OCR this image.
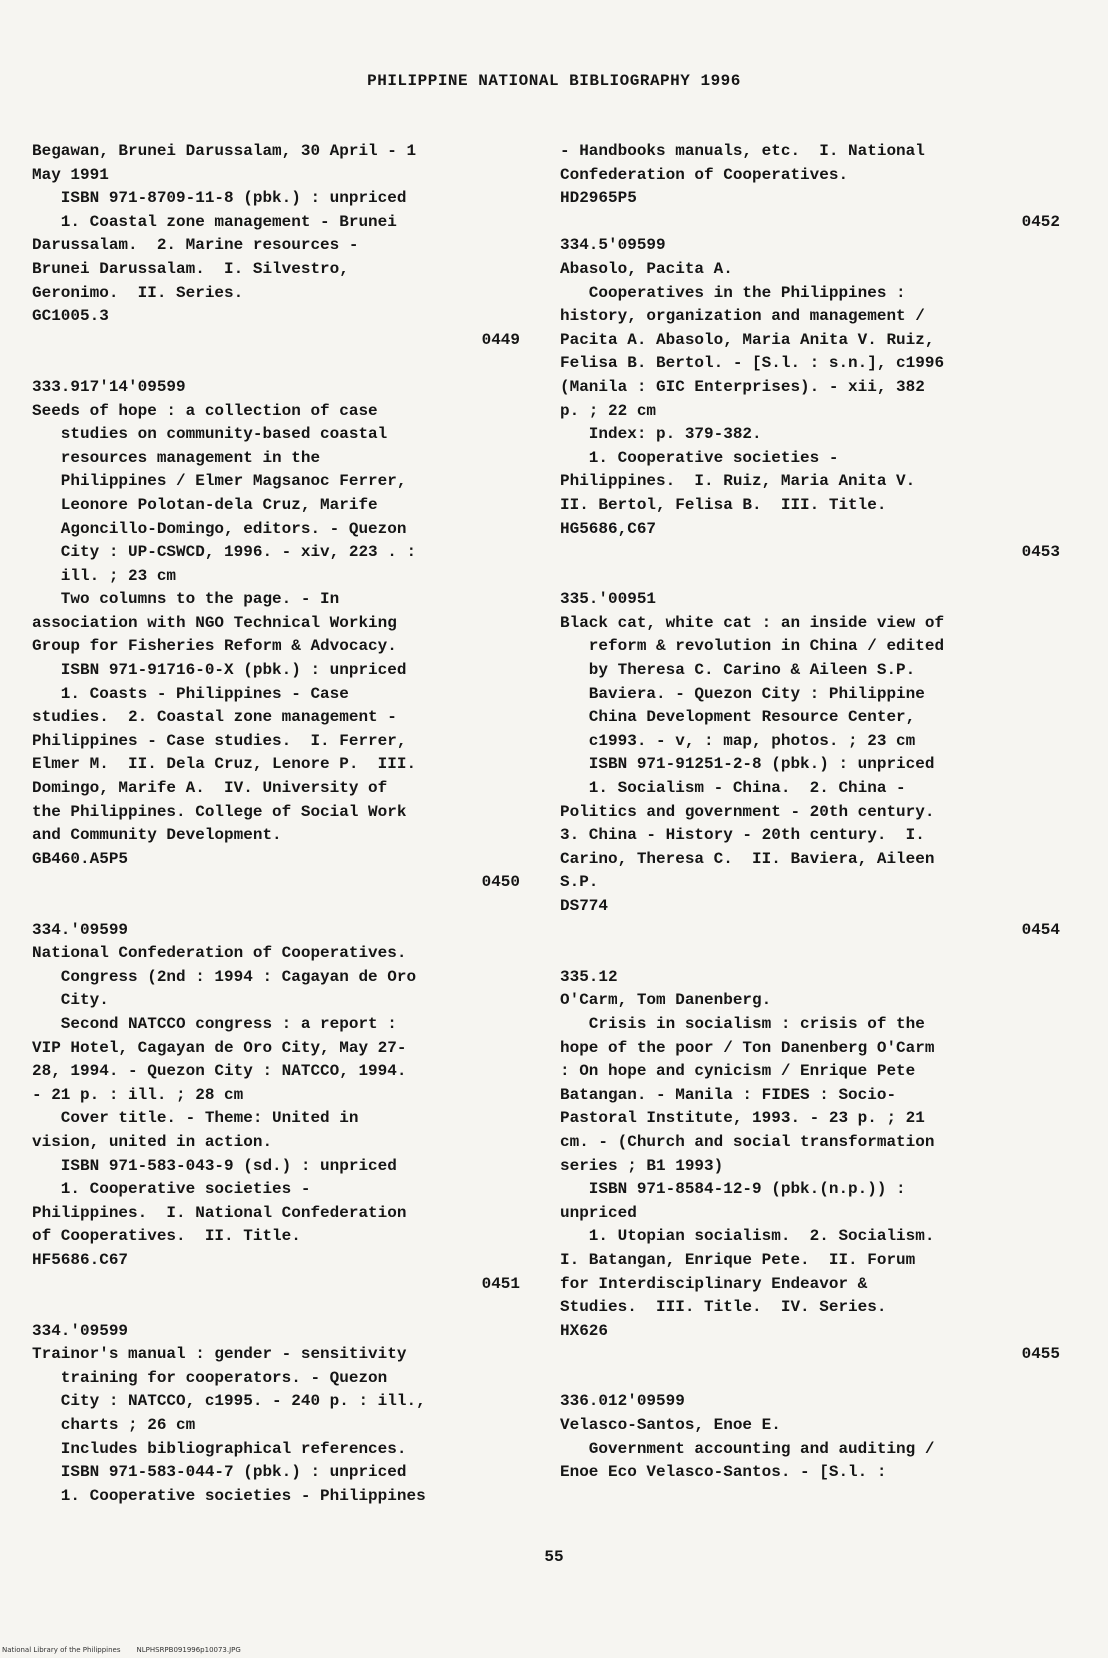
PHILIPPINE NATIONAL BIBLIOGRAPHY 1996
Begawan, Brunei Darussalam, 30 April - 1
May 1991
ISBN 971-8709-11-8 (pbk.) : unpriced
1. Coastal zone management - Brunei
Darussalam.  2. Marine resources -
Brunei Darussalam.  I. Silvestro,
Geronimo.  II. Series.
GC1005.3
0449
333.917'14'09599
Seeds of hope : a collection of case
studies on community-based coastal
resources management in the
Philippines / Elmer Magsanoc Ferrer,
Leonore Polotan-dela Cruz, Marife
Agoncillo-Domingo, editors. - Quezon
City : UP-CSWCD, 1996. - xiv, 223 . :
ill. ; 23 cm
Two columns to the page. - In
association with NGO Technical Working
Group for Fisheries Reform & Advocacy.
ISBN 971-91716-0-X (pbk.) : unpriced
1. Coasts - Philippines - Case
studies.  2. Coastal zone management -
Philippines - Case studies.  I. Ferrer,
Elmer M.  II. Dela Cruz, Lenore P.  III.
Domingo, Marife A.  IV. University of
the Philippines. College of Social Work
and Community Development.
GB460.A5P5
0450
334.'09599
National Confederation of Cooperatives.
Congress (2nd : 1994 : Cagayan de Oro
City.
Second NATCCO congress : a report :
VIP Hotel, Cagayan de Oro City, May 27-
28, 1994. - Quezon City : NATCCO, 1994.
- 21 p. : ill. ; 28 cm
Cover title. - Theme: United in
vision, united in action.
ISBN 971-583-043-9 (sd.) : unpriced
1. Cooperative societies -
Philippines.  I. National Confederation
of Cooperatives.  II. Title.
HF5686.C67
0451
334.'09599
Trainor's manual : gender - sensitivity
training for cooperators. - Quezon
City : NATCCO, c1995. - 240 p. : ill.,
charts ; 26 cm
Includes bibliographical references.
ISBN 971-583-044-7 (pbk.) : unpriced
1. Cooperative societies - Philippines
- Handbooks manuals, etc.  I. National
Confederation of Cooperatives.
HD2965P5
0452
334.5'09599
Abasolo, Pacita A.
Cooperatives in the Philippines :
history, organization and management /
Pacita A. Abasolo, Maria Anita V. Ruiz,
Felisa B. Bertol. - [S.l. : s.n.], c1996
(Manila : GIC Enterprises). - xii, 382
p. ; 22 cm
Index: p. 379-382.
1. Cooperative societies -
Philippines.  I. Ruiz, Maria Anita V.
II. Bertol, Felisa B.  III. Title.
HG5686,C67
0453
335.'00951
Black cat, white cat : an inside view of
reform & revolution in China / edited
by Theresa C. Carino & Aileen S.P.
Baviera. - Quezon City : Philippine
China Development Resource Center,
c1993. - v, : map, photos. ; 23 cm
ISBN 971-91251-2-8 (pbk.) : unpriced
1. Socialism - China.  2. China -
Politics and government - 20th century.
3. China - History - 20th century.  I.
Carino, Theresa C.  II. Baviera, Aileen
S.P.
DS774
0454
335.12
O'Carm, Tom Danenberg.
Crisis in socialism : crisis of the
hope of the poor / Ton Danenberg O'Carm
: On hope and cynicism / Enrique Pete
Batangan. - Manila : FIDES : Socio-
Pastoral Institute, 1993. - 23 p. ; 21
cm. - (Church and social transformation
series ; B1 1993)
ISBN 971-8584-12-9 (pbk.(n.p.)) :
unpriced
1. Utopian socialism.  2. Socialism.
I. Batangan, Enrique Pete.  II. Forum
for Interdisciplinary Endeavor &
Studies.  III. Title.  IV. Series.
HX626
0455
336.012'09599
Velasco-Santos, Enoe E.
Government accounting and auditing /
Enoe Eco Velasco-Santos. - [S.l. :
55
National Library of the Philippines NLPHSRPB091996p10073.JPG
